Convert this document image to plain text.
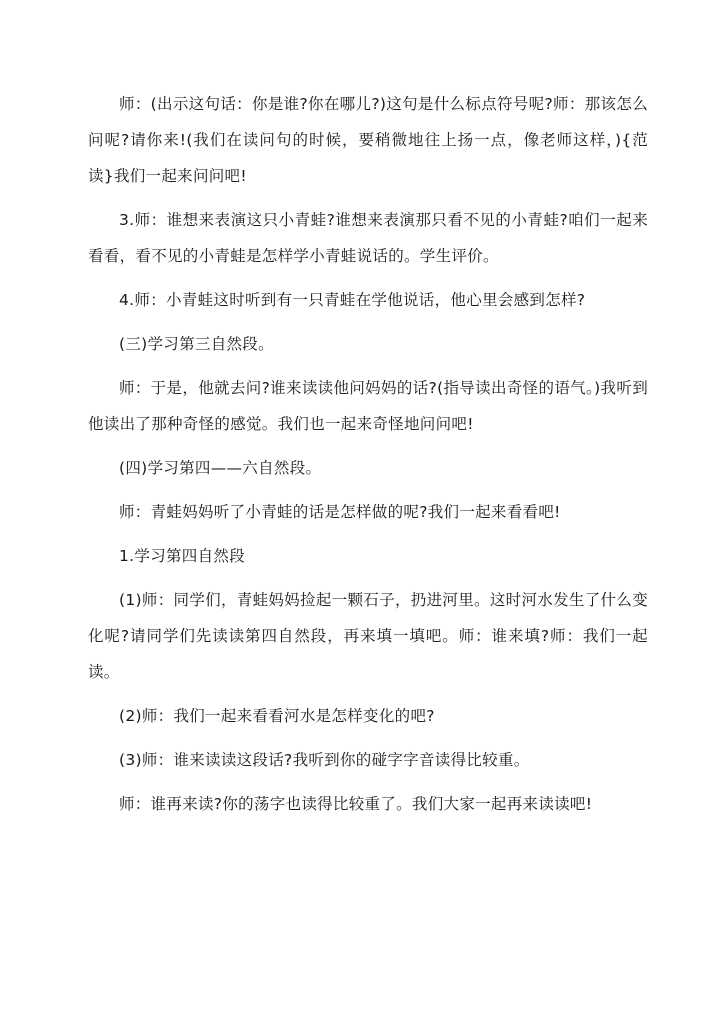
师：(出示这句话：你是谁?你在哪儿?)这句是什么标点符号呢?师：那该怎么问呢?请你来!(我们在读问句的时候，要稍微地往上扬一点，像老师这样，){范读}我们一起来问问吧!

3.师：谁想来表演这只小青蛙?谁想来表演那只看不见的小青蛙?咱们一起来看看，看不见的小青蛙是怎样学小青蛙说话的。学生评价。

4.师：小青蛙这时听到有一只青蛙在学他说话，他心里会感到怎样?

(三)学习第三自然段。

师：于是，他就去问?谁来读读他问妈妈的话?(指导读出奇怪的语气。)我听到他读出了那种奇怪的感觉。我们也一起来奇怪地问问吧!

(四)学习第四——六自然段。

师：青蛙妈妈听了小青蛙的话是怎样做的呢?我们一起来看看吧!

1.学习第四自然段

(1)师：同学们，青蛙妈妈捡起一颗石子，扔进河里。这时河水发生了什么变化呢?请同学们先读读第四自然段，再来填一填吧。师：谁来填?师：我们一起读。

(2)师：我们一起来看看河水是怎样变化的吧?

(3)师：谁来读读这段话?我听到你的碰字字音读得比较重。

师：谁再来读?你的荡字也读得比较重了。我们大家一起再来读读吧!
